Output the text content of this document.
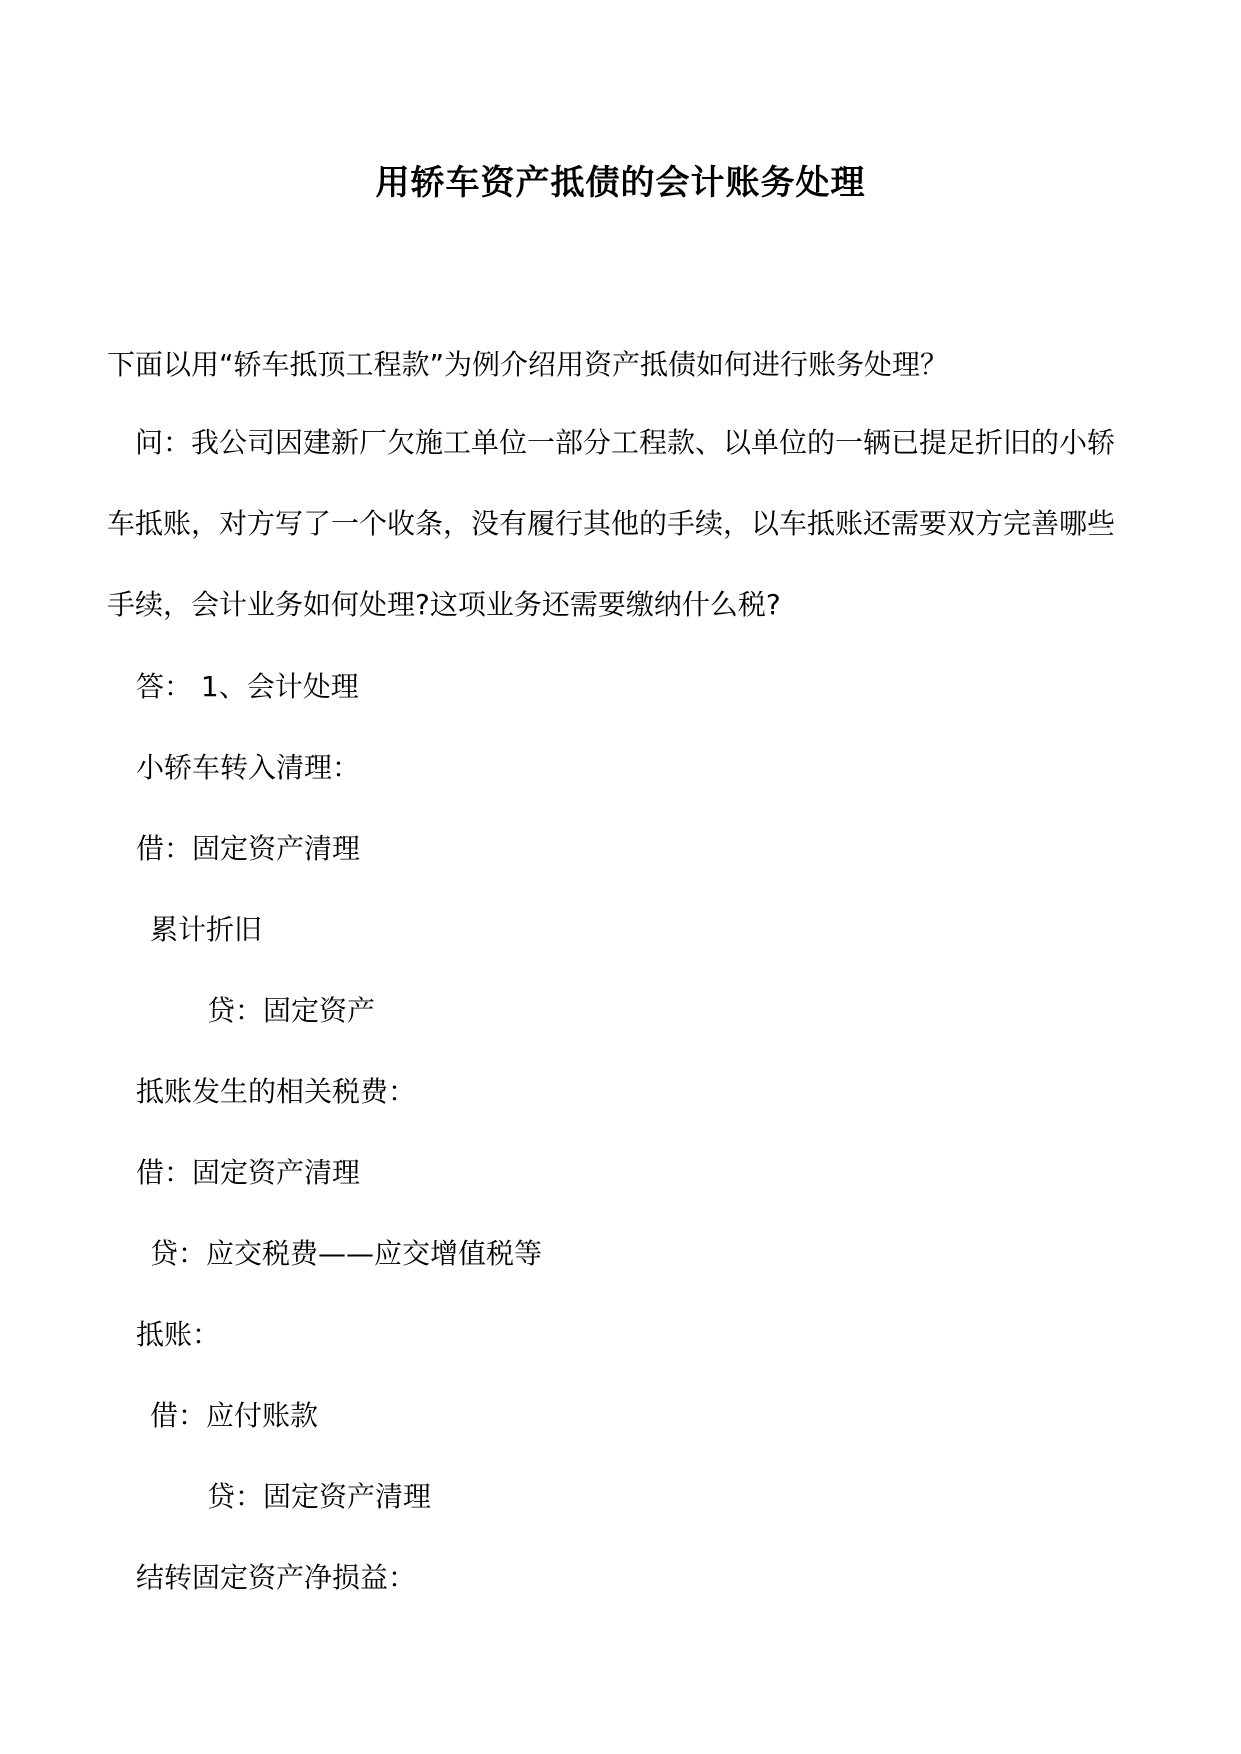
用轿车资产抵债的会计账务处理
下面以用“轿车抵顶工程款”为例介绍用资产抵债如何进行账务处理？
　问：我公司因建新厂欠施工单位一部分工程款、以单位的一辆已提足折旧的小轿车抵账，对方写了一个收条，没有履行其他的手续，以车抵账还需要双方完善哪些手续，会计业务如何处理?这项业务还需要缴纳什么税?
答： 1、会计处理
小轿车转入清理：
借：固定资产清理
累计折旧
贷：固定资产
抵账发生的相关税费：
借：固定资产清理
贷：应交税费——应交增值税等
抵账：
借：应付账款
贷：固定资产清理
结转固定资产净损益：
